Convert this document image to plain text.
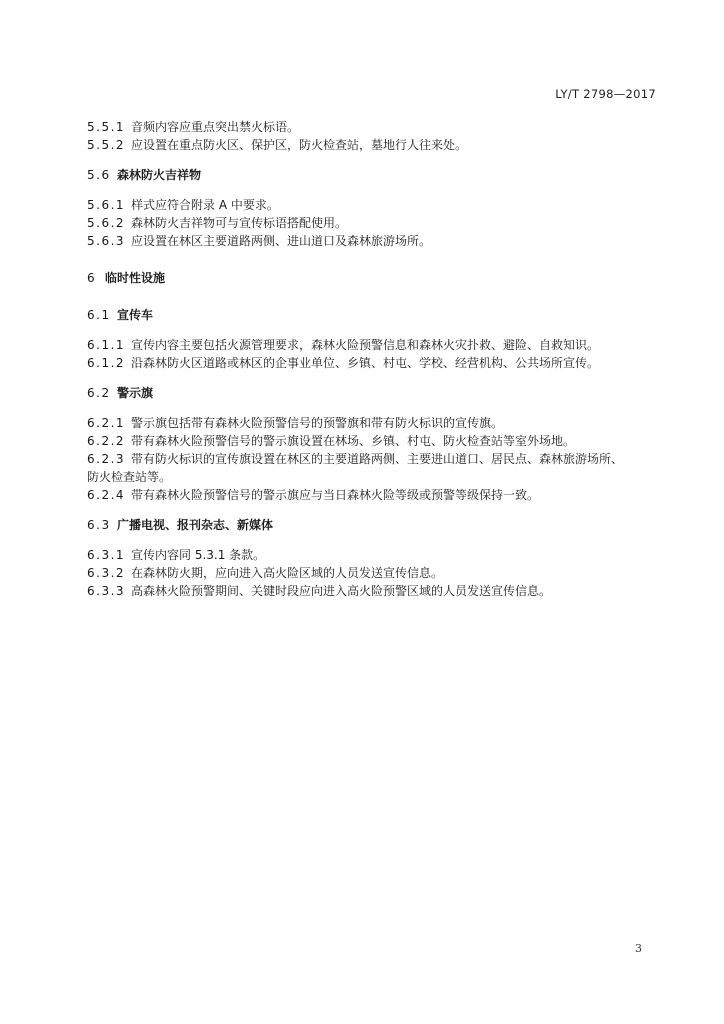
LY/T 2798—2017
5.5.1 音频内容应重点突出禁火标语。
5.5.2 应设置在重点防火区、保护区，防火检查站，墓地行人往来处。
5.6 森林防火吉祥物
5.6.1 样式应符合附录 A 中要求。
5.6.2 森林防火吉祥物可与宣传标语搭配使用。
5.6.3 应设置在林区主要道路两侧、进山道口及森林旅游场所。
6 临时性设施
6.1 宣传车
6.1.1 宣传内容主要包括火源管理要求，森林火险预警信息和森林火灾扑救、避险、自救知识。
6.1.2 沿森林防火区道路或林区的企事业单位、乡镇、村屯、学校、经营机构、公共场所宣传。
6.2 警示旗
6.2.1 警示旗包括带有森林火险预警信号的预警旗和带有防火标识的宣传旗。
6.2.2 带有森林火险预警信号的警示旗设置在林场、乡镇、村屯、防火检查站等室外场地。
6.2.3 带有防火标识的宣传旗设置在林区的主要道路两侧、主要进山道口、居民点、森林旅游场所、
防火检查站等。
6.2.4 带有森林火险预警信号的警示旗应与当日森林火险等级或预警等级保持一致。
6.3 广播电视、报刊杂志、新媒体
6.3.1 宣传内容同 5.3.1 条款。
6.3.2 在森林防火期，应向进入高火险区域的人员发送宣传信息。
6.3.3 高森林火险预警期间、关键时段应向进入高火险预警区域的人员发送宣传信息。
3
